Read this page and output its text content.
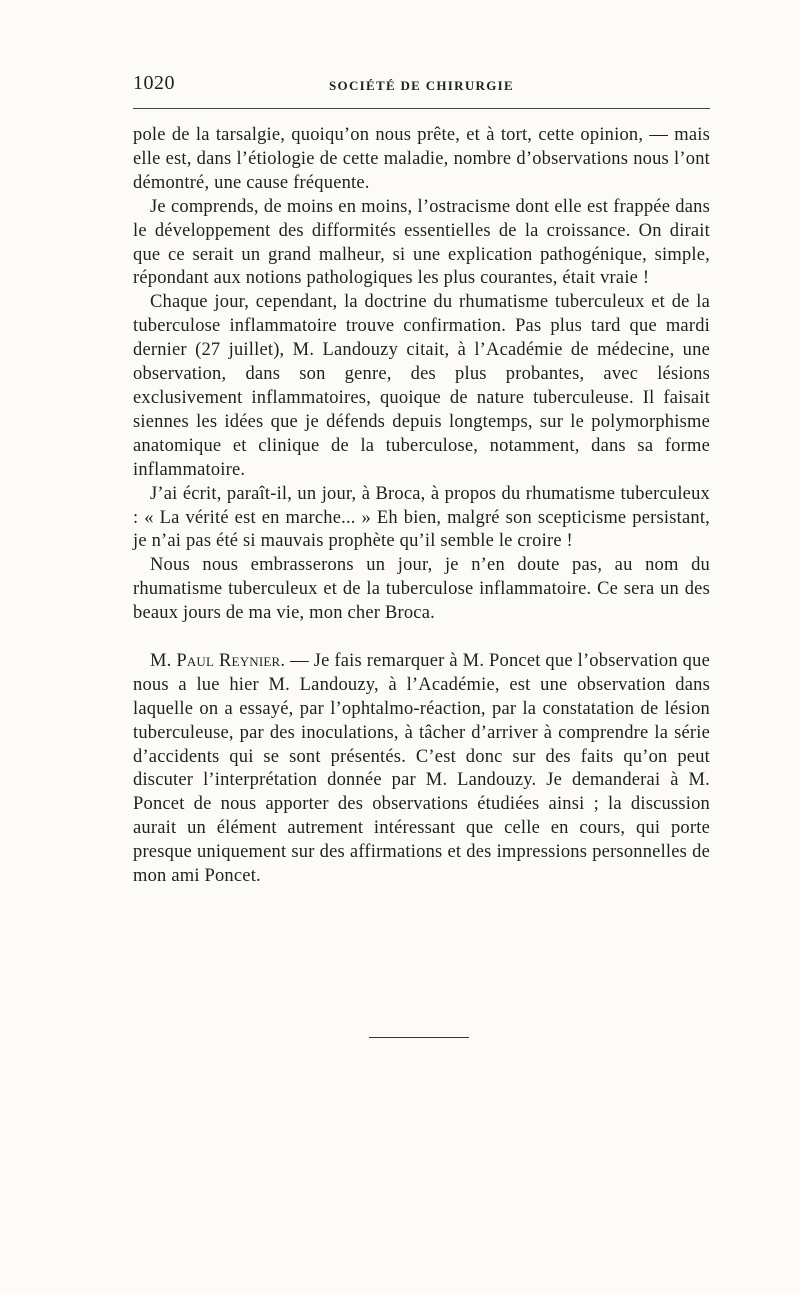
1020	SOCIÉTÉ DE CHIRURGIE

pole de la tarsalgie, quoiqu’on nous prête, et à tort, cette opinion, — mais elle est, dans l’étiologie de cette maladie, nombre d’observations nous l’ont démontré, une cause fréquente.

Je comprends, de moins en moins, l’ostracisme dont elle est frappée dans le développement des difformités essentielles de la croissance. On dirait que ce serait un grand malheur, si une explication pathogénique, simple, répondant aux notions pathologiques les plus courantes, était vraie !

Chaque jour, cependant, la doctrine du rhumatisme tuberculeux et de la tuberculose inflammatoire trouve confirmation. Pas plus tard que mardi dernier (27 juillet), M. Landouzy citait, à l’Académie de médecine, une observation, dans son genre, des plus probantes, avec lésions exclusivement inflammatoires, quoique de nature tuberculeuse. Il faisait siennes les idées que je défends depuis longtemps, sur le polymorphisme anatomique et clinique de la tuberculose, notamment, dans sa forme inflammatoire.

J’ai écrit, paraît-il, un jour, à Broca, à propos du rhumatisme tuberculeux : « La vérité est en marche... » Eh bien, malgré son scepticisme persistant, je n’ai pas été si mauvais prophète qu’il semble le croire !

Nous nous embrasserons un jour, je n’en doute pas, au nom du rhumatisme tuberculeux et de la tuberculose inflammatoire. Ce sera un des beaux jours de ma vie, mon cher Broca.

M. Paul Reynier. — Je fais remarquer à M. Poncet que l’observation que nous a lue hier M. Landouzy, à l’Académie, est une observation dans laquelle on a essayé, par l’ophtalmo-réaction, par la constatation de lésion tuberculeuse, par des inoculations, à tâcher d’arriver à comprendre la série d’accidents qui se sont présentés. C’est donc sur des faits qu’on peut discuter l’interprétation donnée par M. Landouzy. Je demanderai à M. Poncet de nous apporter des observations étudiées ainsi ; la discussion aurait un élément autrement intéressant que celle en cours, qui porte presque uniquement sur des affirmations et des impressions personnelles de mon ami Poncet.
